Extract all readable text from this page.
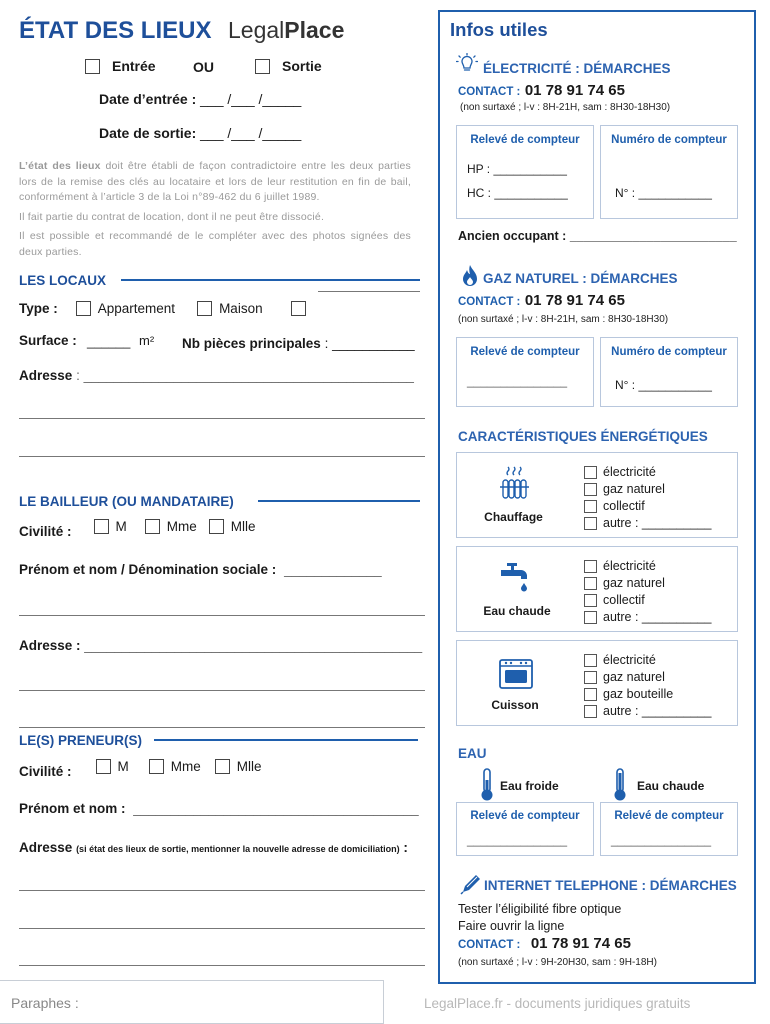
ÉTAT DES LIEUX LegalPlace
Entrée	OU	Sortie
Date d’entrée : ___ /___ /_____
Date de sortie: ___ /___ /_____

L’état des lieux doit être établi de façon contradictoire entre les deux parties lors de la remise des clés au locataire et lors de leur restitution en fin de bail, conformément à l’article 3 de la Loi n°89-462 du 6 juillet 1989.

Il fait partie du contrat de location, dont il ne peut être dissocié.

Il est possible et recommandé de le compléter avec des photos signées des deux parties.

LES LOCAUX
Type :	Appartement	Maison
Surface : ______ m² Nb pièces principales : ___________
Adresse : ____________________________________________
LE BAILLEUR (OU MANDATAIRE)
Civilité :	M	Mme	Mlle
Prénom et nom / Dénomination sociale : _____________
Adresse : _____________________________________________
LE(S) PRENEUR(S)
Civilité :	M	Mme	Mlle
Prénom et nom : ______________________________________
Adresse (si état des lieux de sortie, mentionner la nouvelle adresse de domiciliation) :
Paraphes :	LegalPlace.fr - documents juridiques gratuits
Infos utiles
ÉLECTRICITÉ : DÉMARCHES
CONTACT : 01 78 91 74 65
(non surtaxé ; l-v : 8H-21H, sam : 8H30-18H30)
Relevé de compteur
HP : ___________
HC : ___________
Numéro de compteur
N° : ___________
Ancien occupant : ________________________
GAZ NATUREL : DÉMARCHES
CONTACT : 01 78 91 74 65
(non surtaxé ; l-v : 8H-21H, sam : 8H30-18H30)
Relevé de compteur
_______________
Numéro de compteur
N° : ___________
CARACTÉRISTIQUES ÉNERGÉTIQUES
Chauffage
électricité
gaz naturel
collectif
autre : __________
Eau chaude
électricité
gaz naturel
collectif
autre : __________
Cuisson
électricité
gaz naturel
gaz bouteille
autre : __________
EAU
Eau froide	Eau chaude
Relevé de compteur
_______________
Relevé de compteur
_______________
INTERNET TELEPHONE : DÉMARCHES
Tester l’éligibilité fibre optique
Faire ouvrir la ligne
CONTACT : 01 78 91 74 65
(non surtaxé ; l-v : 9H-20H30, sam : 9H-18H)
